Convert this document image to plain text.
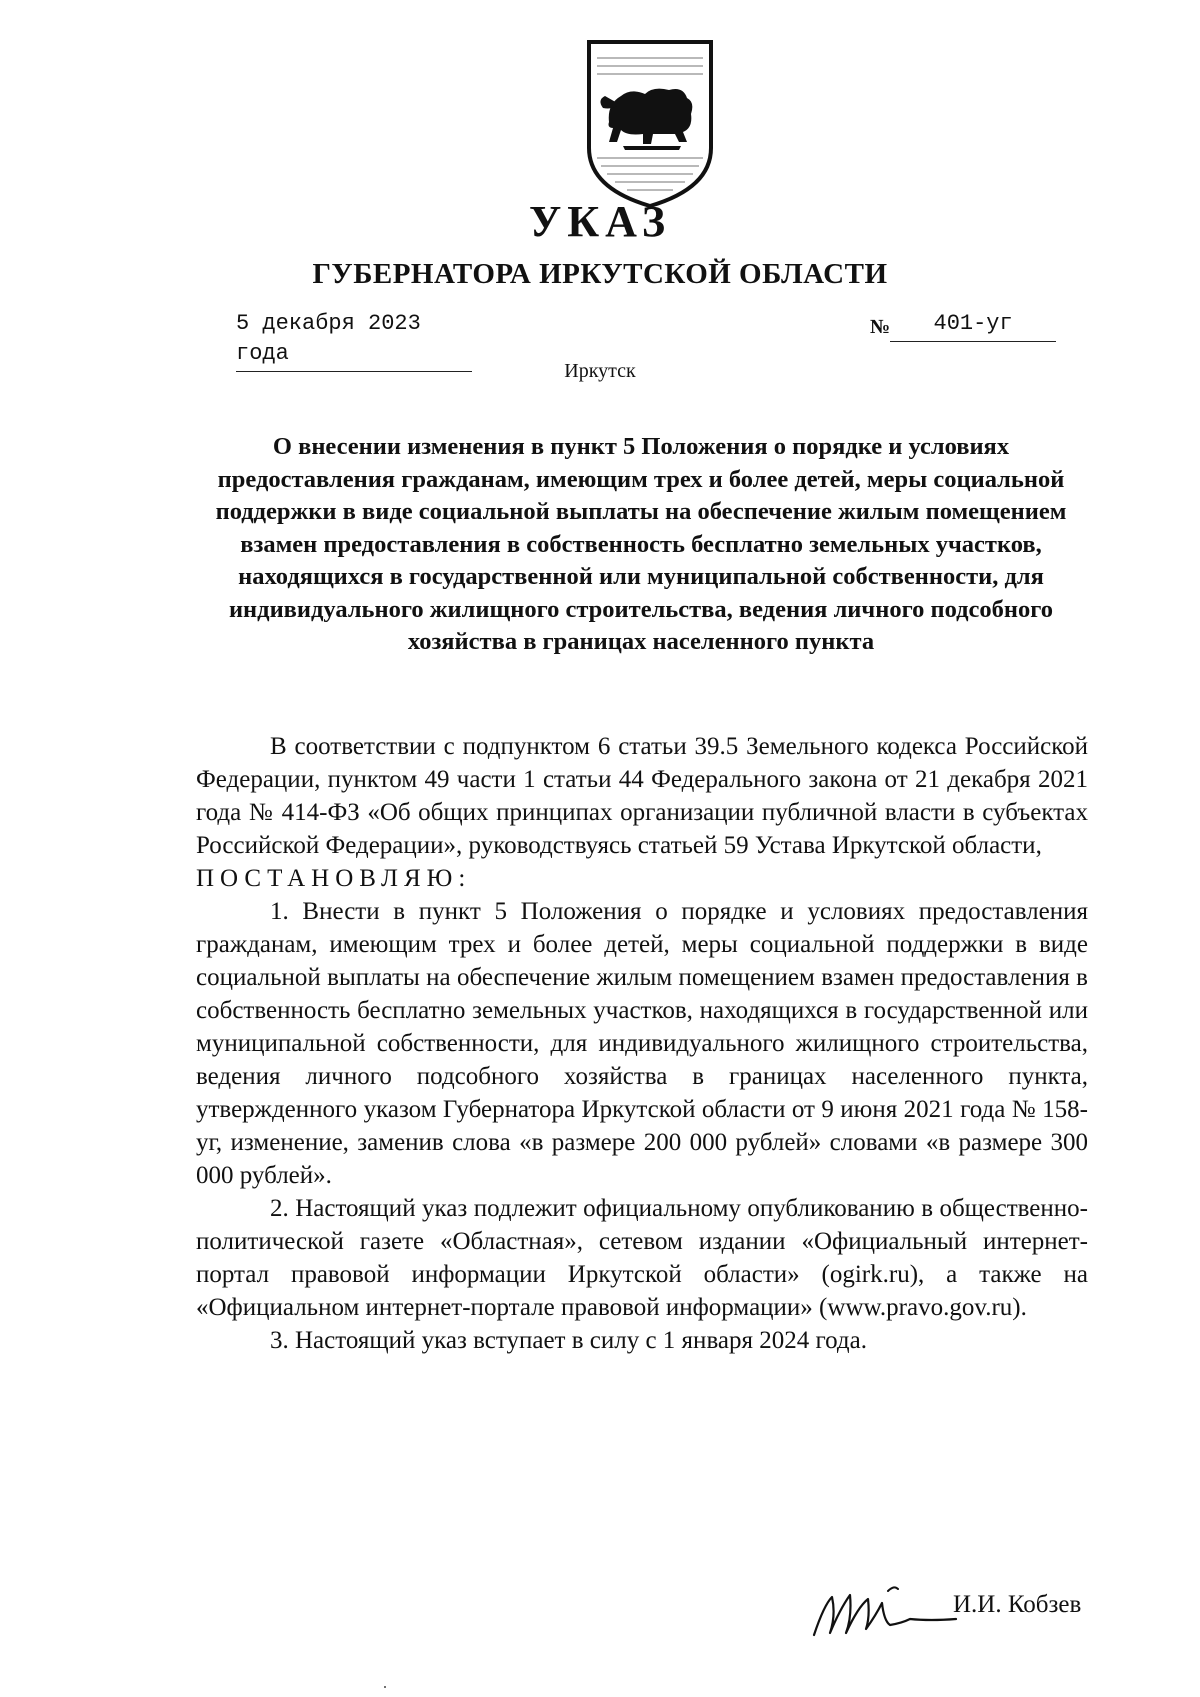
УКАЗ
ГУБЕРНАТОРА ИРКУТСКОЙ ОБЛАСТИ
5 декабря 2023 года
№ 401-уг
Иркутск
О внесении изменения в пункт 5 Положения о порядке и условиях предоставления гражданам, имеющим трех и более детей, меры социальной поддержки в виде социальной выплаты на обеспечение жилым помещением взамен предоставления в собственность бесплатно земельных участков, находящихся в государственной или муниципальной собственности, для индивидуального жилищного строительства, ведения личного подсобного хозяйства в границах населенного пункта

В соответствии с подпунктом 6 статьи 39.5 Земельного кодекса Российской Федерации, пунктом 49 части 1 статьи 44 Федерального закона от 21 декабря 2021 года № 414-ФЗ «Об общих принципах организации публичной власти в субъектах Российской Федерации», руководствуясь статьей 59 Устава Иркутской области,

ПОСТАНОВЛЯЮ:

1. Внести в пункт 5 Положения о порядке и условиях предоставления гражданам, имеющим трех и более детей, меры социальной поддержки в виде социальной выплаты на обеспечение жилым помещением взамен предоставления в собственность бесплатно земельных участков, находящихся в государственной или муниципальной собственности, для индивидуального жилищного строительства, ведения личного подсобного хозяйства в границах населенного пункта, утвержденного указом Губернатора Иркутской области от 9 июня 2021 года № 158-уг, изменение, заменив слова «в размере 200 000 рублей» словами «в размере 300 000 рублей».

2. Настоящий указ подлежит официальному опубликованию в общественно-политической газете «Областная», сетевом издании «Официальный интернет-портал правовой информации Иркутской области» (ogirk.ru), а также на «Официальном интернет-портале правовой информации» (www.pravo.gov.ru).

3. Настоящий указ вступает в силу с 1 января 2024 года.

И.И. Кобзев
